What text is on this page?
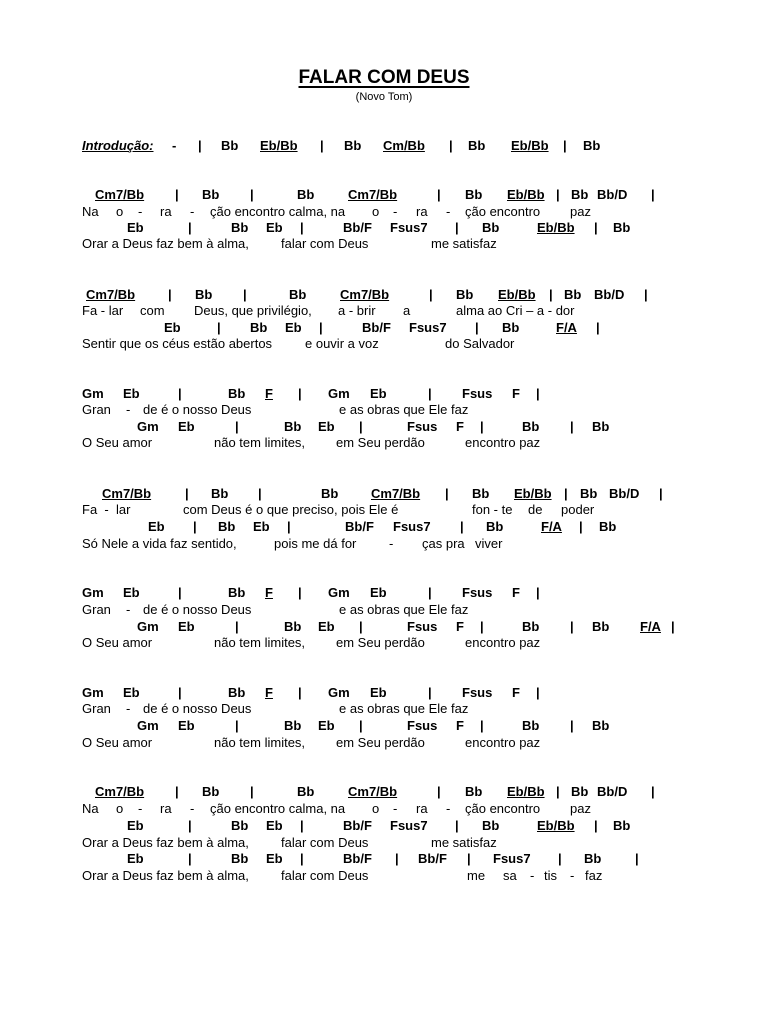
FALAR COM DEUS
(Novo Tom)
Introdução: - | Bb Eb/Bb | Bb Cm/Bb | Bb Eb/Bb | Bb
Cm7/Bb | Bb |	Bb	Cm7/Bb	| Bb Eb/Bb | Bb Bb/D |
Na o - ra - ção encontro calma, na o - ra - ção encontro paz
Eb	|	Bb Eb |	Bb/F Fsus7 | Bb	Eb/Bb | Bb
Orar a Deus faz bem à alma, falar com Deus	me satisfaz
Cm7/Bb	| Bb |	Bb	Cm7/Bb	| Bb Eb/Bb | Bb Bb/D |
Fa - lar com Deus, que privilégio, a - brir a	alma ao Cri – a - dor
Eb	| Bb Eb |	Bb/F Fsus7 | Bb	F/A |
Sentir que os céus estão abertos	e ouvir a voz	do Salvador
Gm Eb	|	Bb F | Gm Eb	| Fsus F |
Gran - de é o nosso Deus	e as obras que Ele faz
Gm Eb	|	Bb Eb |	Fsus F |	Bb | Bb
O Seu amor	não tem limites, em Seu perdão	encontro paz
Cm7/Bb	| Bb |	Bb	Cm7/Bb | Bb Eb/Bb | Bb Bb/D |
Fa  -  lar	com Deus é o que preciso, pois Ele é	fon - te de poder
Eb | Bb Eb |	Bb/F Fsus7 | Bb	F/A | Bb
Só Nele a vida faz sentido,	pois me dá for	- ças pra viver
Gm Eb	|	Bb F | Gm Eb	| Fsus F |
Gran - de é o nosso Deus	e as obras que Ele faz
Gm Eb	|	Bb Eb |	Fsus F |	Bb | Bb F/A |
O Seu amor	não tem limites, em Seu perdão	encontro paz
Gm Eb	|	Bb F | Gm Eb	| Fsus F |
Gran - de é o nosso Deus	e as obras que Ele faz
Gm Eb	|	Bb Eb |	Fsus F |	Bb | Bb
O Seu amor	não tem limites, em Seu perdão	encontro paz
Cm7/Bb | Bb |	Bb	Cm7/Bb	| Bb Eb/Bb | Bb Bb/D |
Na o - ra - ção encontro calma, na o - ra - ção encontro paz
Eb	|	Bb Eb |	Bb/F Fsus7 | Bb	Eb/Bb | Bb
Orar a Deus faz bem à alma, falar com Deus	me satisfaz
Eb	|	Bb Eb |	Bb/F | Bb/F | Fsus7 | Bb	|
Orar a Deus faz bem à alma, falar com Deus	me sa - tis - faz
